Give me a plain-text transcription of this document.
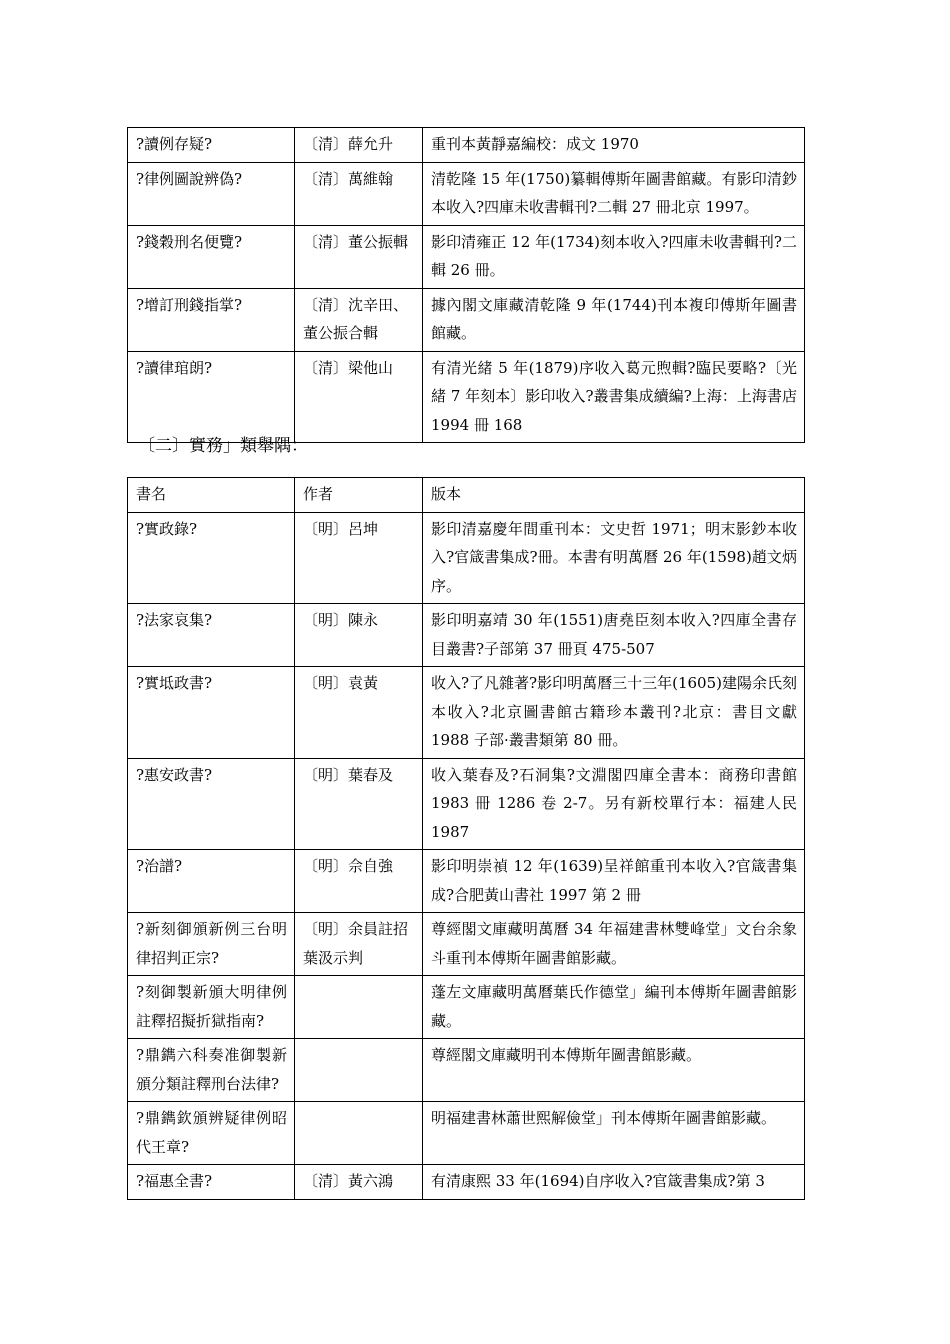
?讀例存疑?	〔清〕薛允升	重刊本黃靜嘉編校：成文 1970
?律例圖說辨偽?	〔清〕萬維翰	清乾隆 15 年(1750)纂輯傅斯年圖書館藏。有影印清鈔本收入?四庫未收書輯刊?二輯 27 冊北京 1997。
?錢穀刑名便覽?	〔清〕董公振輯	影印清雍正 12 年(1734)刻本收入?四庫未收書輯刊?二輯 26 冊。
?增訂刑錢指掌?	〔清〕沈辛田、董公振合輯	據內閣文庫藏清乾隆 9 年(1744)刊本複印傅斯年圖書館藏。
?讀律琯朗?	〔清〕梁他山	有清光緒 5 年(1879)序收入葛元煦輯?臨民要略?〔光緒 7 年刻本〕影印收入?叢書集成續編?上海：上海書店 1994 冊 168
〔二〕實務」類舉隅：
書名	作者	版本
?實政錄?	〔明〕呂坤	影印清嘉慶年間重刊本：文史哲 1971；明末影鈔本收入?官箴書集成?冊。本書有明萬曆 26 年(1598)趙文炳序。
?法家哀集?	〔明〕陳永	影印明嘉靖 30 年(1551)唐堯臣刻本收入?四庫全書存目叢書?子部第 37 冊頁 475-507
?實坻政書?	〔明〕袁黃	收入?了凡雜著?影印明萬曆三十三年(1605)建陽余氏刻本收入?北京圖書館古籍珍本叢刊?北京：書目文獻 1988 子部·叢書類第 80 冊。
?惠安政書?	〔明〕葉春及	收入葉春及?石洞集?文淵閣四庫全書本：商務印書館 1983 冊 1286 卷 2-7。另有新校單行本：福建人民 1987
?治譜?	〔明〕佘自強	影印明崇禎 12 年(1639)呈祥館重刊本收入?官箴書集成?合肥黃山書社 1997 第 2 冊
?新刻御頒新例三台明律招判正宗?	〔明〕余員註招葉汲示判	尊經閣文庫藏明萬曆 34 年福建書林雙峰堂」文台余象斗重刊本傅斯年圖書館影藏。
?刻御製新頒大明律例註釋招擬折獄指南?		蓬左文庫藏明萬曆葉氏作德堂」編刊本傅斯年圖書館影藏。
?鼎鐫六科奏准御製新頒分類註釋刑台法律?		尊經閣文庫藏明刊本傅斯年圖書館影藏。
?鼎鐫欽頒辨疑律例昭代王章?		明福建書林蕭世熙解儉堂」刊本傅斯年圖書館影藏。
?福惠全書?	〔清〕黃六鴻	有清康熙 33 年(1694)自序收入?官箴書集成?第 3
